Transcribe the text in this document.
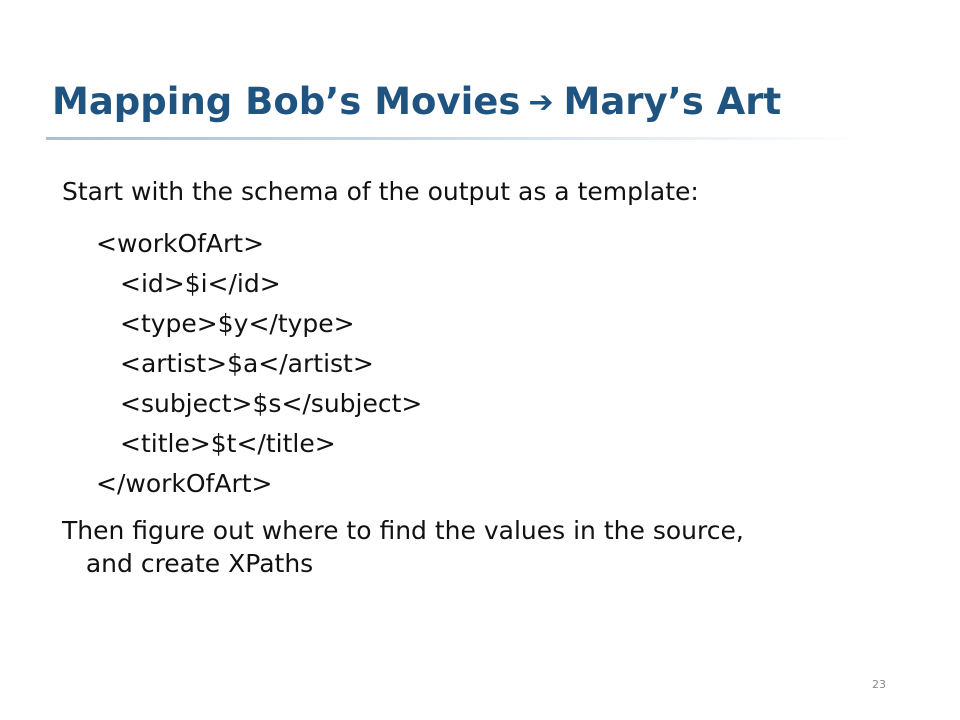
Mapping Bob’s Movies ➔ Mary’s Art
Start with the schema of the output as a template:
<workOfArt>
<id>$i</id>
<type>$y</type>
<artist>$a</artist>
<subject>$s</subject>
<title>$t</title>
</workOfArt>
Then figure out where to find the values in the source,
and create XPaths
23
